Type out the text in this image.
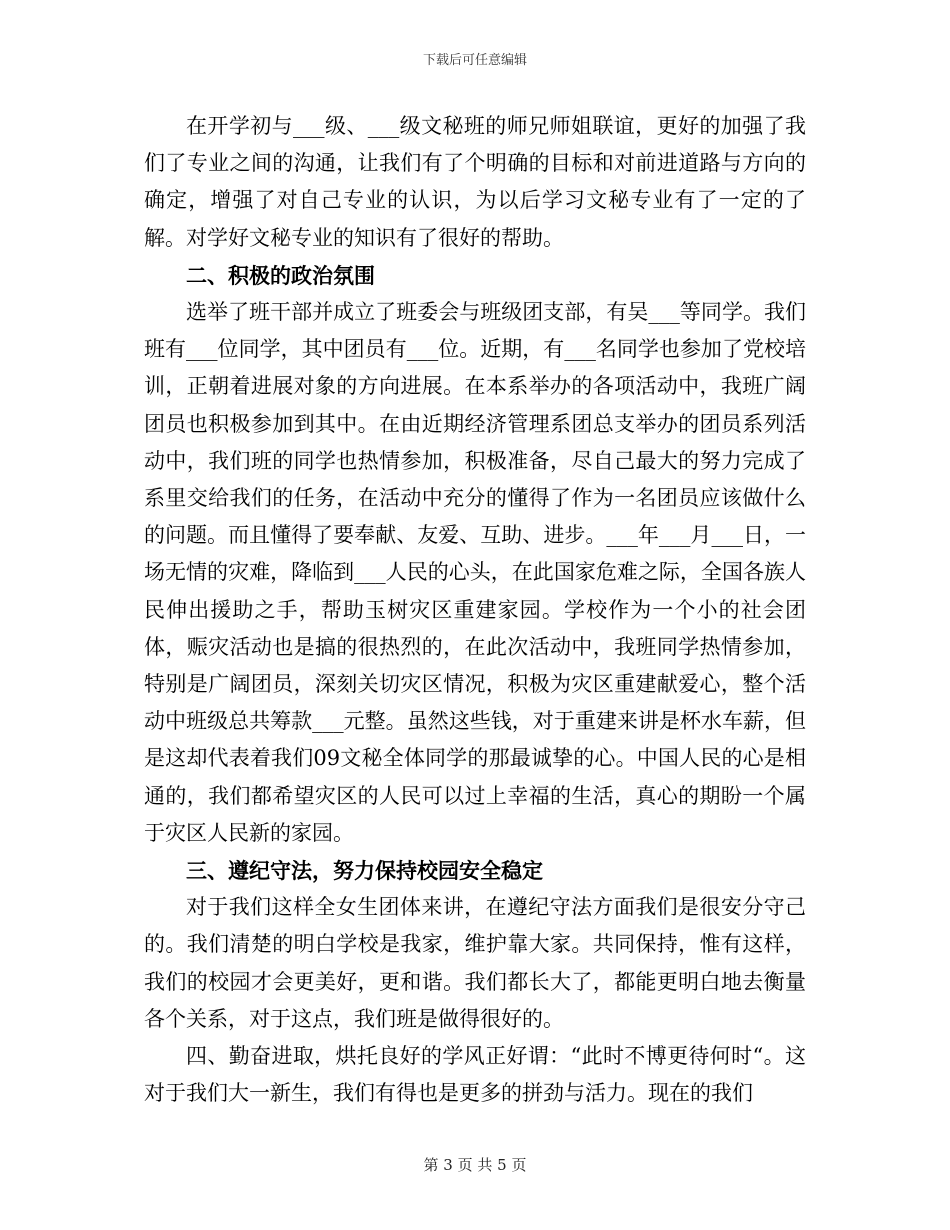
下载后可任意编辑

在开学初与___级、___级文秘班的师兄师姐联谊，更好的加强了我们了专业之间的沟通，让我们有了个明确的目标和对前进道路与方向的确定，增强了对自己专业的认识，为以后学习文秘专业有了一定的了解。对学好文秘专业的知识有了很好的帮助。

二、积极的政治氛围

选举了班干部并成立了班委会与班级团支部，有吴___等同学。我们班有___位同学，其中团员有___位。近期，有___名同学也参加了党校培训，正朝着进展对象的方向进展。在本系举办的各项活动中，我班广阔团员也积极参加到其中。在由近期经济管理系团总支举办的团员系列活动中，我们班的同学也热情参加，积极准备，尽自己最大的努力完成了系里交给我们的任务，在活动中充分的懂得了作为一名团员应该做什么的问题。而且懂得了要奉献、友爱、互助、进步。___年___月___日，一场无情的灾难，降临到___人民的心头，在此国家危难之际，全国各族人民伸出援助之手，帮助玉树灾区重建家园。学校作为一个小的社会团体，赈灾活动也是搞的很热烈的，在此次活动中，我班同学热情参加，特别是广阔团员，深刻关切灾区情况，积极为灾区重建献爱心，整个活动中班级总共筹款___元整。虽然这些钱，对于重建来讲是杯水车薪，但是这却代表着我们09文秘全体同学的那最诚挚的心。中国人民的心是相通的，我们都希望灾区的人民可以过上幸福的生活，真心的期盼一个属于灾区人民新的家园。

三、遵纪守法，努力保持校园安全稳定

对于我们这样全女生团体来讲，在遵纪守法方面我们是很安分守己的。我们清楚的明白学校是我家，维护靠大家。共同保持，惟有这样，我们的校园才会更美好，更和谐。我们都长大了，都能更明白地去衡量各个关系，对于这点，我们班是做得很好的。

四、勤奋进取，烘托良好的学风正好谓：“此时不博更待何时“。这对于我们大一新生，我们有得也是更多的拼劲与活力。现在的我们

第 3 页 共 5 页
